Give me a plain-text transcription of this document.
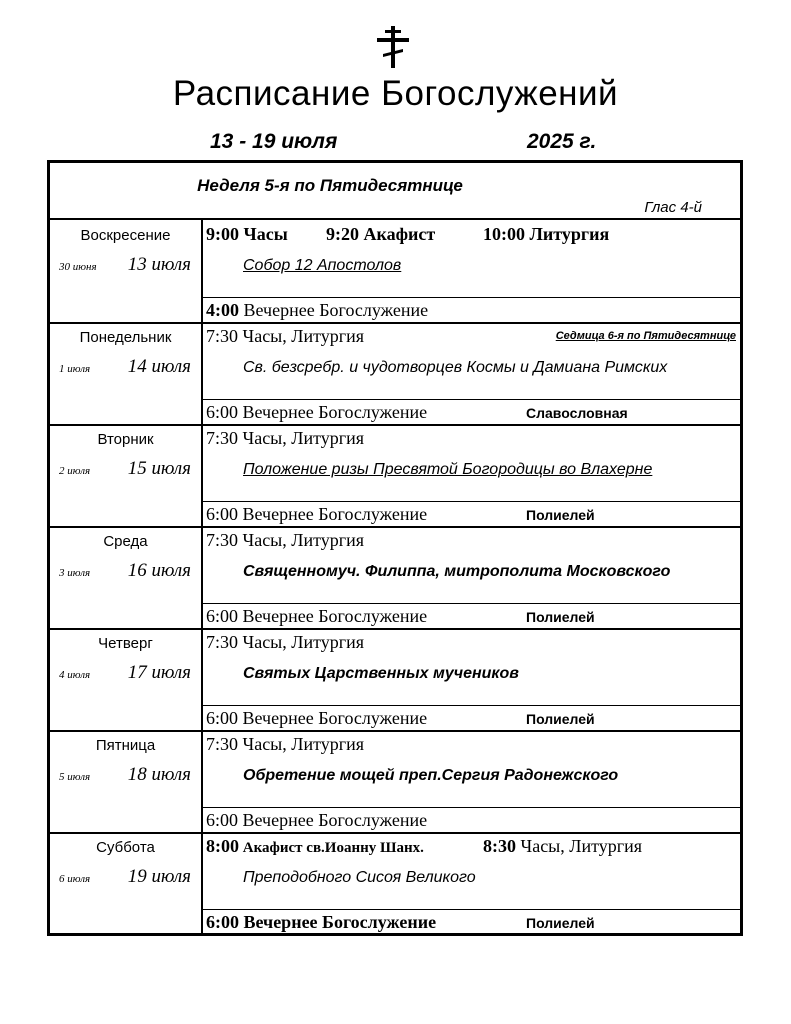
Расписание Богослужений
13 - 19 июля	2025 г.
Неделя 5-я по Пятидесятнице
Глас 4-й
Воскресение
30 июня 13 июля
9:00 Часы 9:20 Акафист	10:00 Литургия
Собор 12 Апостолов
4:00 Вечернее Богослужение
Понедельник
1 июля 14 июля
7:30 Часы, Литургия	Седмица 6-я по Пятидесятнице
Св. безсребр. и чудотворцев Космы и Дамиана Римских
6:00 Вечернее Богослужение	Славословная
Вторник
2 июля 15 июля
7:30 Часы, Литургия
Положение ризы Пресвятой Богородицы во Влахерне
6:00 Вечернее Богослужение	Полиелей
Среда
3 июля 16 июля
7:30 Часы, Литургия
Священномуч. Филиппа, митрополита Московского
6:00 Вечернее Богослужение	Полиелей
Четверг
4 июля 17 июля
7:30 Часы, Литургия
Святых Царственных мучеников
6:00 Вечернее Богослужение	Полиелей
Пятница
5 июля 18 июля
7:30 Часы, Литургия
Обретение мощей преп.Сергия Радонежского
6:00 Вечернее Богослужение
Суббота
6 июля 19 июля
8:00 Акафист св.Иоанну Шанх.	8:30 Часы, Литургия
Преподобного Сисоя Великого
6:00 Вечернее Богослужение	Полиелей
